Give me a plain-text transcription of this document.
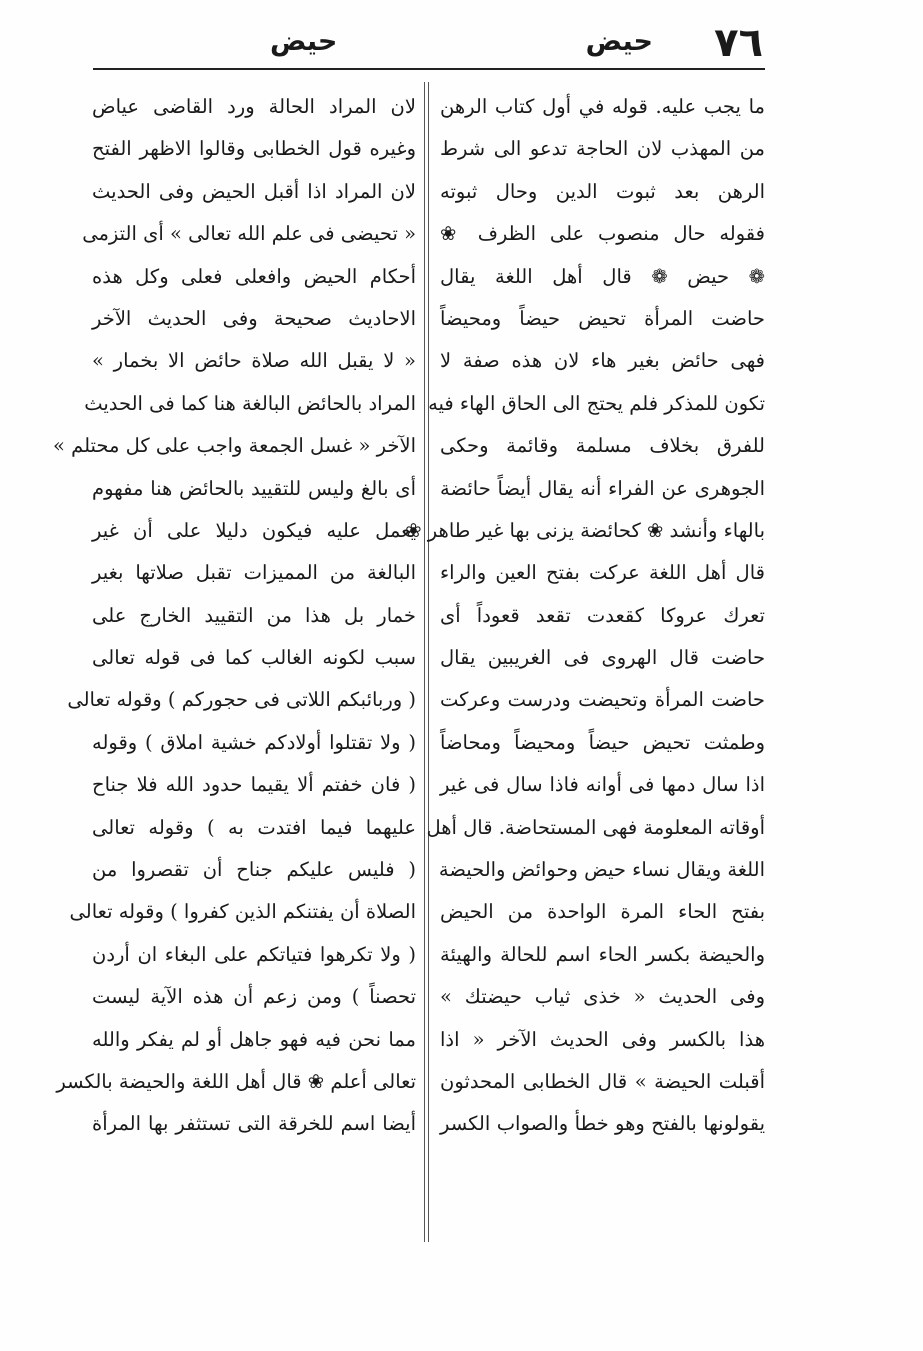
٧٦
حيض
حيض
ما يجب عليه. قوله في أول كتاب الرهن
من المهذب لان الحاجة تدعو الى شرط
الرهن بعد ثبوت الدين وحال ثبوته
فقوله حال منصوب على الظرف ❀
❁ حيض ❁ قال أهل اللغة يقال
حاضت المرأة تحيض حيضاً ومحيضاً
فهى حائض بغير هاء لان هذه صفة لا
تكون للمذكر فلم يحتج الى الحاق الهاء فيه
للفرق بخلاف مسلمة وقائمة وحكى
الجوهرى عن الفراء أنه يقال أيضاً حائضة
بالهاء وأنشد ❀ كحائضة يزنى بها غير طاهر ❀
قال أهل اللغة عركت بفتح العين والراء
تعرك عروكا كقعدت تقعد قعوداً أى
حاضت قال الهروى فى الغريبين يقال
حاضت المرأة وتحيضت ودرست وعركت
وطمثت تحيض حيضاً ومحيضاً ومحاضاً
اذا سال دمها فى أوانه فاذا سال فى غير
أوقاته المعلومة فهى المستحاضة. قال أهل
اللغة ويقال نساء حيض وحوائض والحيضة
بفتح الحاء المرة الواحدة من الحيض
والحيضة بكسر الحاء اسم للحالة والهيئة
وفى الحديث « خذى ثياب حيضتك »
هذا بالكسر وفى الحديث الآخر « اذا
أقبلت الحيضة » قال الخطابى المحدثون
يقولونها بالفتح وهو خطأ والصواب الكسر
لان المراد الحالة ورد القاضى عياض
وغيره قول الخطابى وقالوا الاظهر الفتح
لان المراد اذا أقبل الحيض وفى الحديث
« تحيضى فى علم الله تعالى » أى التزمى
أحكام الحيض وافعلى فعلى وكل هذه
الاحاديث صحيحة وفى الحديث الآخر
« لا يقبل الله صلاة حائض الا بخمار »
المراد بالحائض البالغة هنا كما فى الحديث
الآخر « غسل الجمعة واجب على كل محتلم »
أى بالغ وليس للتقييد بالحائض هنا مفهوم
يعمل عليه فيكون دليلا على أن غير
البالغة من المميزات تقبل صلاتها بغير
خمار بل هذا من التقييد الخارج على
سبب لكونه الغالب كما فى قوله تعالى
( وربائبكم اللاتى فى حجوركم ) وقوله تعالى
( ولا تقتلوا أولادكم خشية املاق ) وقوله
( فان خفتم ألا يقيما حدود الله فلا جناح
عليهما فيما افتدت به ) وقوله تعالى
( فليس عليكم جناح أن تقصروا من
الصلاة أن يفتنكم الذين كفروا ) وقوله تعالى
( ولا تكرهوا فتياتكم على البغاء ان أردن
تحصناً ) ومن زعم أن هذه الآية ليست
مما نحن فيه فهو جاهل أو لم يفكر والله
تعالى أعلم ❀ قال أهل اللغة والحيضة بالكسر
أيضا اسم للخرقة التى تستثفر بها المرأة
